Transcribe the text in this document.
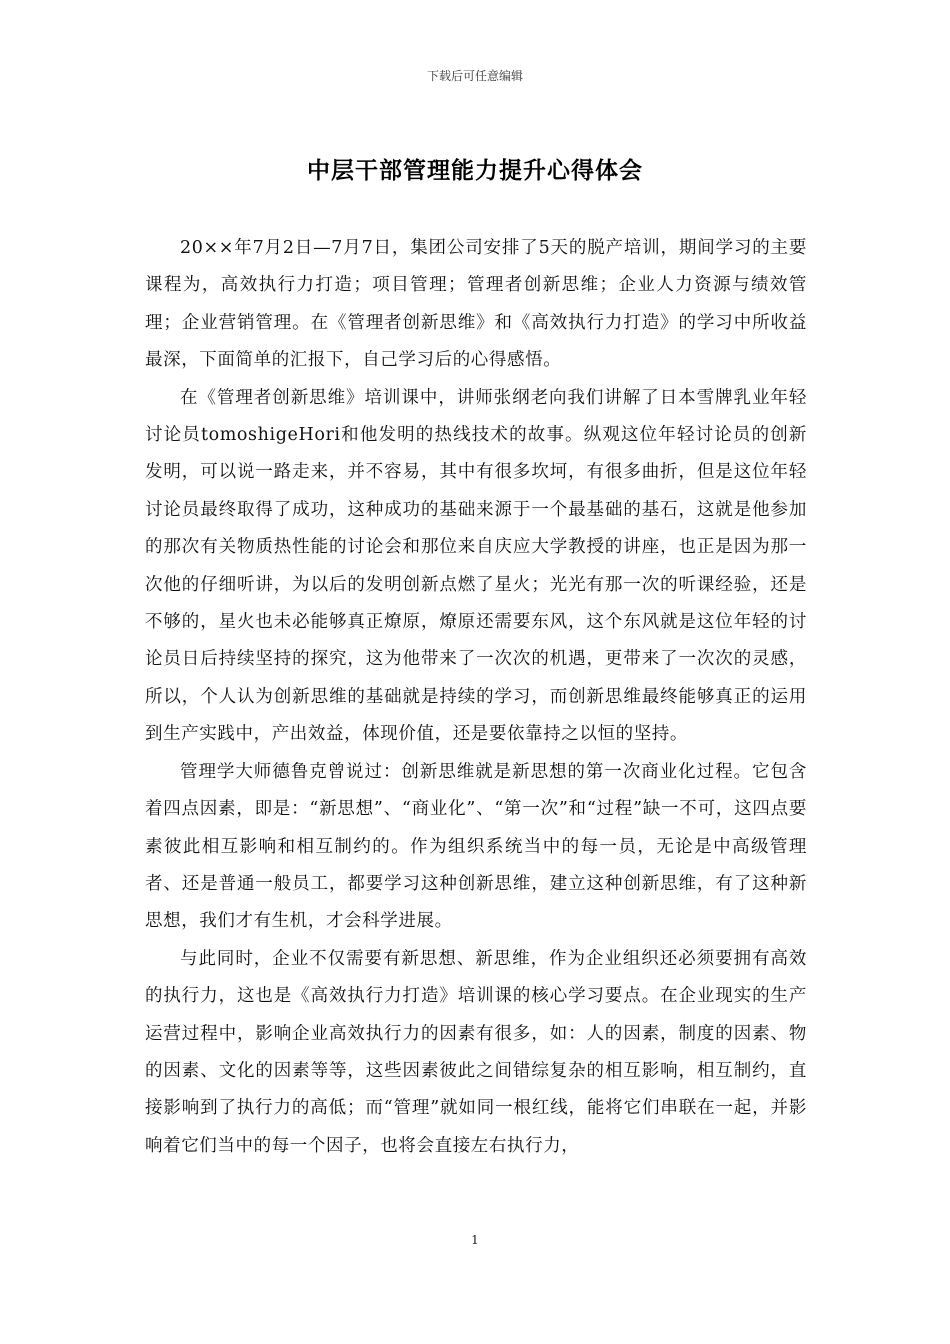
下载后可任意编辑
中层干部管理能力提升心得体会

20××年7月2日—7月7日，集团公司安排了5天的脱产培训，期间学习的主要课程为，高效执行力打造；项目管理；管理者创新思维；企业人力资源与绩效管理；企业营销管理。在《管理者创新思维》和《高效执行力打造》的学习中所收益最深，下面简单的汇报下，自己学习后的心得感悟。

在《管理者创新思维》培训课中，讲师张纲老向我们讲解了日本雪牌乳业年轻讨论员tomoshigeHori和他发明的热线技术的故事。纵观这位年轻讨论员的创新发明，可以说一路走来，并不容易，其中有很多坎坷，有很多曲折，但是这位年轻讨论员最终取得了成功，这种成功的基础来源于一个最基础的基石，这就是他参加的那次有关物质热性能的讨论会和那位来自庆应大学教授的讲座，也正是因为那一次他的仔细听讲，为以后的发明创新点燃了星火；光光有那一次的听课经验，还是不够的，星火也未必能够真正燎原，燎原还需要东风，这个东风就是这位年轻的讨论员日后持续坚持的探究，这为他带来了一次次的机遇，更带来了一次次的灵感，所以，个人认为创新思维的基础就是持续的学习，而创新思维最终能够真正的运用到生产实践中，产出效益，体现价值，还是要依靠持之以恒的坚持。

管理学大师德鲁克曾说过：创新思维就是新思想的第一次商业化过程。它包含着四点因素，即是：“新思想”、“商业化”、“第一次”和“过程”缺一不可，这四点要素彼此相互影响和相互制约的。作为组织系统当中的每一员，无论是中高级管理者、还是普通一般员工，都要学习这种创新思维，建立这种创新思维，有了这种新思想，我们才有生机，才会科学进展。

与此同时，企业不仅需要有新思想、新思维，作为企业组织还必须要拥有高效的执行力，这也是《高效执行力打造》培训课的核心学习要点。在企业现实的生产运营过程中，影响企业高效执行力的因素有很多，如：人的因素，制度的因素、物的因素、文化的因素等等，这些因素彼此之间错综复杂的相互影响，相互制约，直接影响到了执行力的高低；而“管理”就如同一根红线，能将它们串联在一起，并影响着它们当中的每一个因子，也将会直接左右执行力，

1
